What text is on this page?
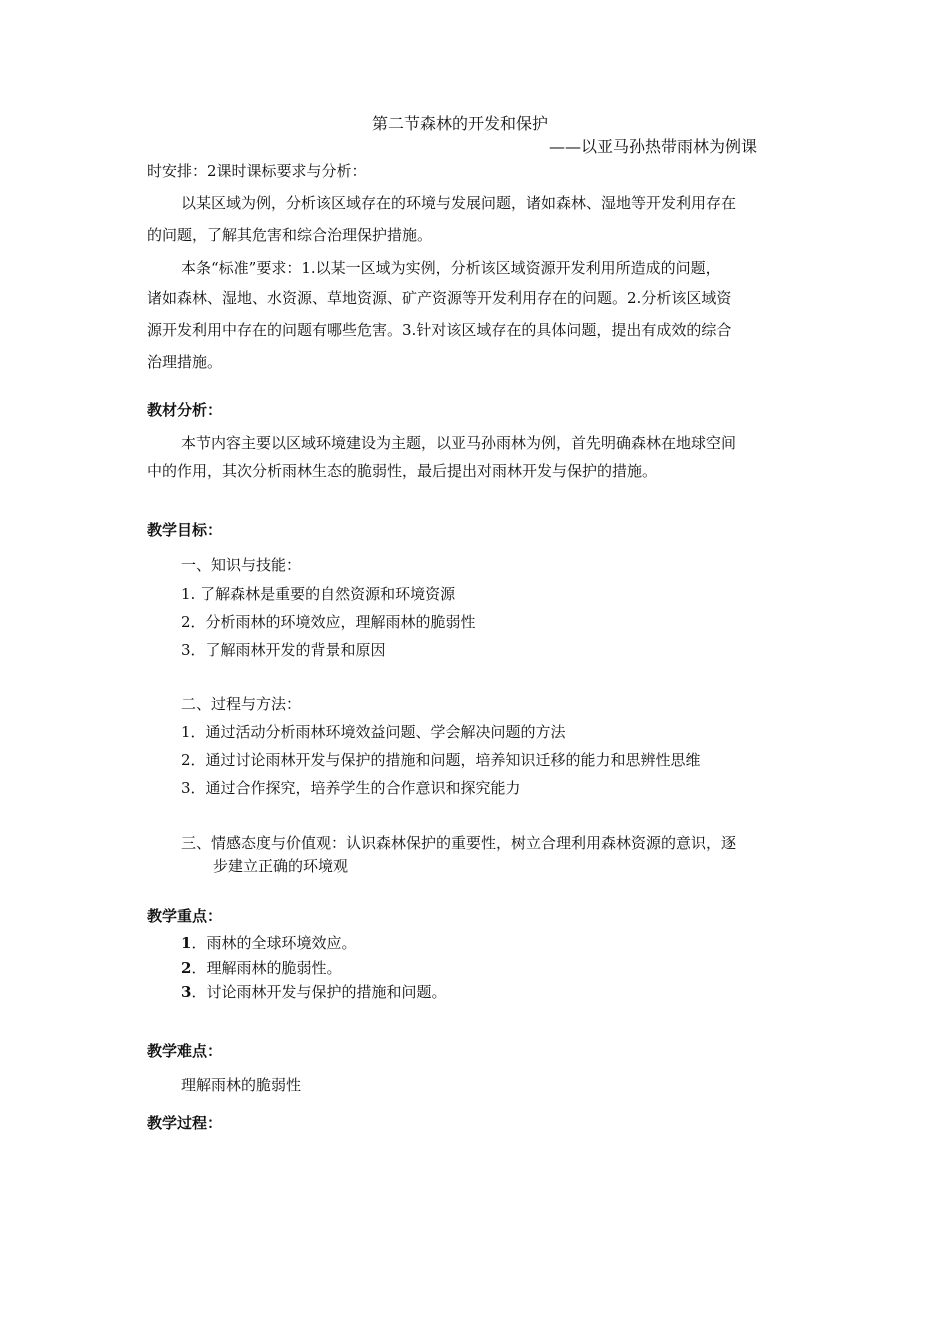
第二节森林的开发和保护
——以亚马孙热带雨林为例课
时安排：2课时课标要求与分析：
以某区域为例，分析该区域存在的环境与发展问题，诸如森林、湿地等开发利用存在
的问题，了解其危害和综合治理保护措施。
本条“标准”要求：1.以某一区域为实例，分析该区域资源开发利用所造成的问题，
诸如森林、湿地、水资源、草地资源、矿产资源等开发利用存在的问题。2.分析该区域资
源开发利用中存在的问题有哪些危害。3.针对该区域存在的具体问题，提出有成效的综合
治理措施。
教材分析：
本节内容主要以区域环境建设为主题，以亚马孙雨林为例，首先明确森林在地球空间
中的作用，其次分析雨林生态的脆弱性，最后提出对雨林开发与保护的措施。
教学目标：
一、知识与技能：
1. 了解森林是重要的自然资源和环境资源
2．分析雨林的环境效应，理解雨林的脆弱性
3．了解雨林开发的背景和原因
二、过程与方法：
1．通过活动分析雨林环境效益问题、学会解决问题的方法
2．通过讨论雨林开发与保护的措施和问题，培养知识迁移的能力和思辨性思维
3．通过合作探究，培养学生的合作意识和探究能力
三、情感态度与价值观：认识森林保护的重要性，树立合理利用森林资源的意识，逐
步建立正确的环境观
教学重点：
1．雨林的全球环境效应。
2．理解雨林的脆弱性。
3．讨论雨林开发与保护的措施和问题。
教学难点：
理解雨林的脆弱性
教学过程：
